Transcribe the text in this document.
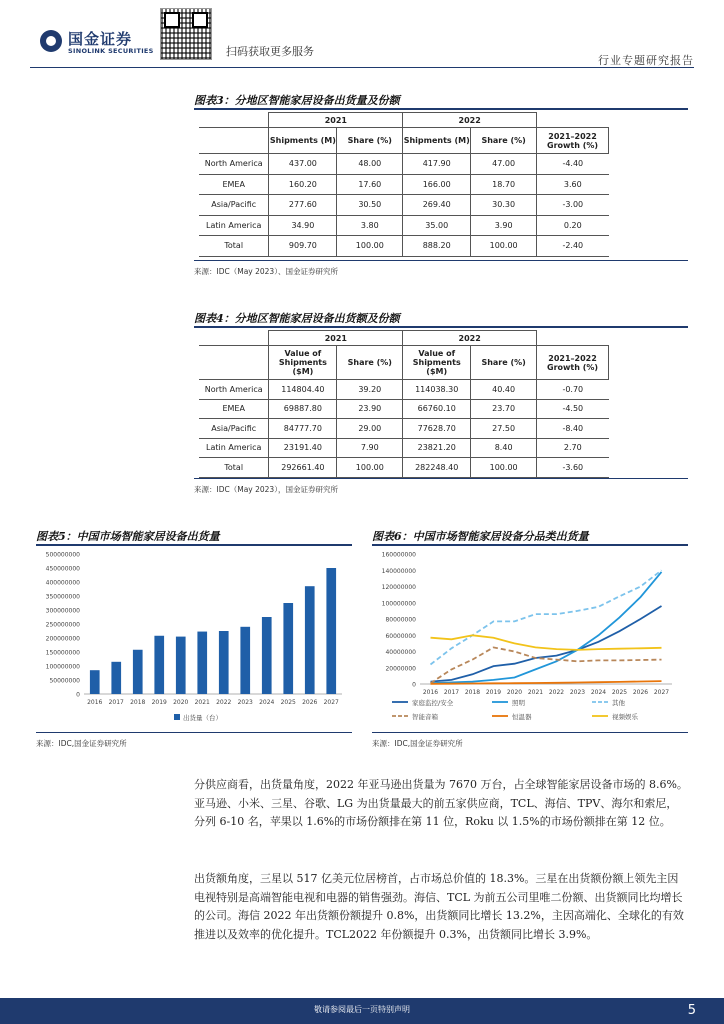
国金证券
SINOLINK SECURITIES	扫码获取更多服务
行业专题研究报告
图表3：分地区智能家居设备出货量及份额
	2021		2022		
	Shipments (M)	Share (%)	Shipments (M)	Share (%)	2021–2022 Growth (%)
North America	437.00	48.00	417.90	47.00	-4.40
EMEA	160.20	17.60	166.00	18.70	3.60
Asia/Pacific	277.60	30.50	269.40	30.30	-3.00
Latin America	34.90	3.80	35.00	3.90	0.20
Total	909.70	100.00	888.20	100.00	-2.40
来源：IDC（May 2023）、国金证券研究所
图表4：分地区智能家居设备出货额及份额
	2021		2022		
	Value of Shipments ($M)	Share (%)	Value of Shipments ($M)	Share (%)	2021–2022 Growth (%)
North America	114804.40	39.20	114038.30	40.40	-0.70
EMEA	69887.80	23.90	66760.10	23.70	-4.50
Asia/Pacific	84777.70	29.00	77628.70	27.50	-8.40
Latin America	23191.40	7.90	23821.20	8.40	2.70
Total	292661.40	100.00	282248.40	100.00	-3.60
来源：IDC（May 2023），国金证券研究所
图表5：中国市场智能家居设备出货量	图表6：中国市场智能家居设备分品类出货量
0
50000000
100000000
150000000
200000000
250000000
300000000
350000000
400000000
450000000
500000000
2016 2017 2018 2019 2020 2021 2022 2023 2024 2025 2026 2027
出货量（台）
0
20000000
40000000
60000000
80000000
100000000
120000000
140000000
160000000
2016 2017 2018 2019 2020 2021 2022 2023 2024 2025 2026 2027
家庭监控/安全	照明	其他
智能音箱	恒温器	视频娱乐
来源：IDC,国金证券研究所	来源：IDC,国金证券研究所
分供应商看，出货量角度，2022 年亚马逊出货量为 7670 万台，占全球智能家居设备市场的 8.6%。亚马逊、小米、三星、谷歌、LG 为出货量最大的前五家供应商，TCL、海信、TPV、海尔和索尼，分列 6-10 名，苹果以 1.6%的市场份额排在第 11 位，Roku 以 1.5%的市场份额排在第 12 位。
出货额角度，三星以 517 亿美元位居榜首，占市场总价值的 18.3%。三星在出货额份额上领先主因电视特别是高端智能电视和电器的销售强劲。海信、TCL 为前五公司里唯二份额、出货额同比均增长的公司。海信 2022 年出货额份额提升 0.8%，出货额同比增长 13.2%，主因高端化、全球化的有效推进以及效率的优化提升。TCL2022 年份额提升 0.3%，出货额同比增长 3.9%。
敬请参阅最后一页特别声明	5
